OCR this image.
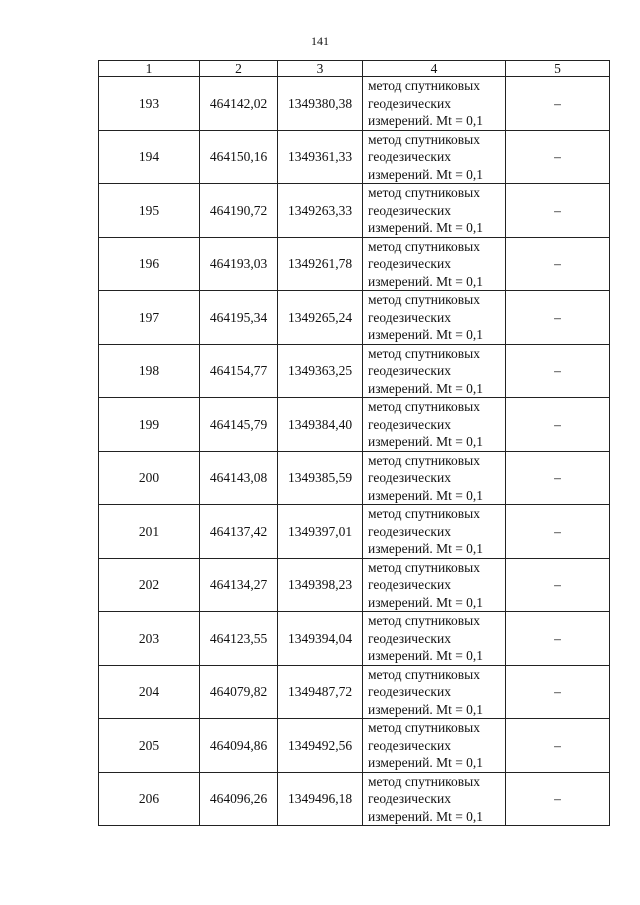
141
1	2	3	4	5
193	464142,02	1349380,38	метод спутниковых
геодезических
измерений. Mt = 0,1	–
194	464150,16	1349361,33	метод спутниковых
геодезических
измерений. Mt = 0,1	–
195	464190,72	1349263,33	метод спутниковых
геодезических
измерений. Mt = 0,1	–
196	464193,03	1349261,78	метод спутниковых
геодезических
измерений. Mt = 0,1	–
197	464195,34	1349265,24	метод спутниковых
геодезических
измерений. Mt = 0,1	–
198	464154,77	1349363,25	метод спутниковых
геодезических
измерений. Mt = 0,1	–
199	464145,79	1349384,40	метод спутниковых
геодезических
измерений. Mt = 0,1	–
200	464143,08	1349385,59	метод спутниковых
геодезических
измерений. Mt = 0,1	–
201	464137,42	1349397,01	метод спутниковых
геодезических
измерений. Mt = 0,1	–
202	464134,27	1349398,23	метод спутниковых
геодезических
измерений. Mt = 0,1	–
203	464123,55	1349394,04	метод спутниковых
геодезических
измерений. Mt = 0,1	–
204	464079,82	1349487,72	метод спутниковых
геодезических
измерений. Mt = 0,1	–
205	464094,86	1349492,56	метод спутниковых
геодезических
измерений. Mt = 0,1	–
206	464096,26	1349496,18	метод спутниковых
геодезических
измерений. Mt = 0,1	–
